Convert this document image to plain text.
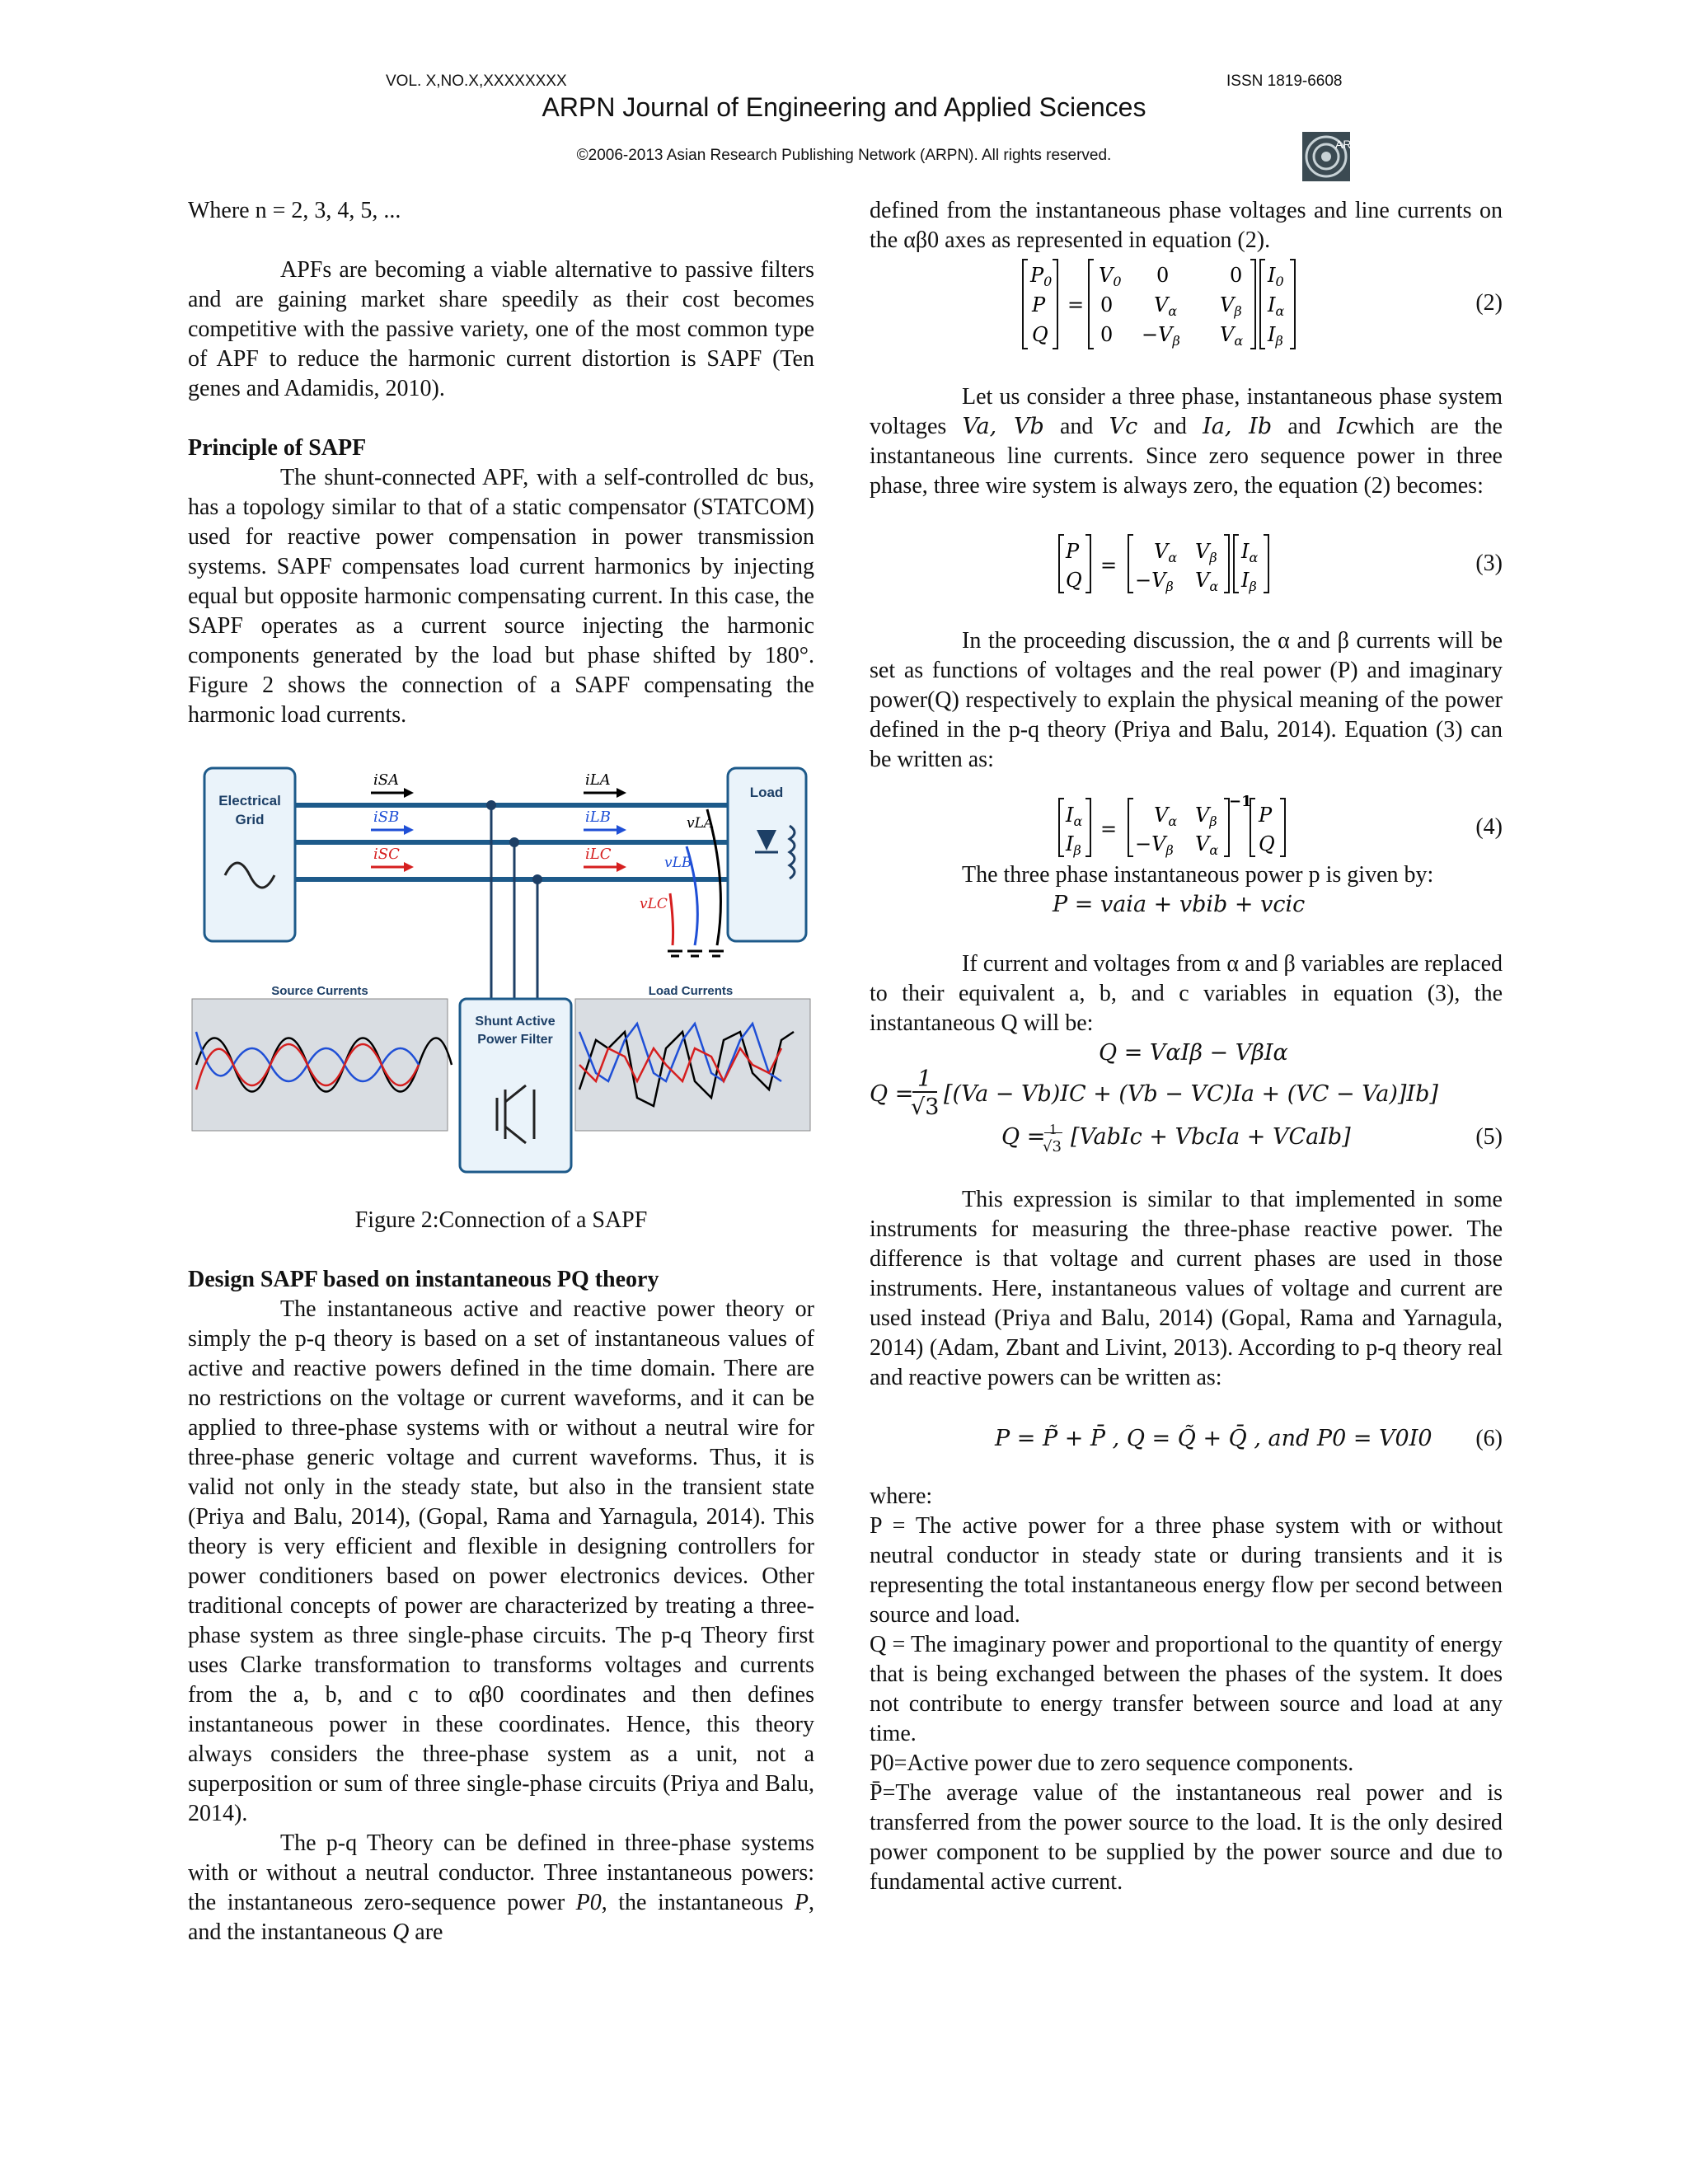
VOL. X,NO.X,XXXXXXXX	ISSN 1819-6608
ARPN Journal of Engineering and Applied Sciences
©2006-2013 Asian Research Publishing Network (ARPN). All rights reserved.
ARPN

Where n = 2, 3, 4, 5, ...

APFs are becoming a viable alternative to passive filters and are gaining market share speedily as their cost becomes competitive with the passive variety, one of the most common type of APF to reduce the harmonic current distortion is SAPF (Ten genes and Adamidis, 2010).

Principle of SAPF

The shunt-connected APF, with a self-controlled dc bus, has a topology similar to that of a static compensator (STATCOM) used for reactive power compensation in power transmission systems. SAPF compensates load current harmonics by injecting equal but opposite harmonic compensating current. In this case, the SAPF operates as a current source injecting the harmonic components generated by the load but phase shifted by 180°. Figure 2 shows the connection of a SAPF compensating the harmonic load currents.

Electrical
Grid
Load
iSA
iSB
iSC
iLA
iLB
iLC
vLA
vLB
vLC
Shunt Active
Power Filter
Source Currents	Load Currents

Figure 2:Connection of a SAPF

Design SAPF based on instantaneous PQ theory

The instantaneous active and reactive power theory or simply the p-q theory is based on a set of instantaneous values of active and reactive powers defined in the time domain. There are no restrictions on the voltage or current waveforms, and it can be applied to three-phase systems with or without a neutral wire for three-phase generic voltage and current waveforms. Thus, it is valid not only in the steady state, but also in the transient state (Priya and Balu, 2014), (Gopal, Rama and Yarnagula, 2014). This theory is very efficient and flexible in designing controllers for power conditioners based on power electronics devices. Other traditional concepts of power are characterized by treating a three-phase system as three single-phase circuits. The p-q Theory first uses Clarke transformation to transforms voltages and currents from the a, b, and c to αβ0 coordinates and then defines instantaneous power in these coordinates. Hence, this theory always considers the three-phase system as a unit, not a superposition or sum of three single-phase circuits (Priya and Balu, 2014).

The p-q Theory can be defined in three-phase systems with or without a neutral conductor. Three instantaneous powers: the instantaneous zero-sequence power P0, the instantaneous P, and the instantaneous Q are

defined from the instantaneous phase voltages and line currents on the αβ0 axes as represented in equation (2).

$P_0$
P
Q
=
$V_0$ 0	0
0 $V_\alpha$ $V_\beta$
$0 -V_\beta$ $V_\alpha$
$I_0$
$I_\alpha$
$I_\beta$
(2)

Let us consider a three phase, instantaneous phase system voltages Va, Vb and Vc and Ia, Ib and Icwhich are the instantaneous line currents. Since zero sequence power in three phase, three wire system is always zero, the equation (2) becomes:

P
Q
=
$V_\alpha$ $V_\beta$
$-V_\beta$ $V_\alpha$
$I_\alpha$
$I_\beta$
(3)

In the proceeding discussion, the α and β currents will be set as functions of voltages and the real power (P) and imaginary power(Q) respectively to explain the physical meaning of the power defined in the p-q theory (Priya and Balu, 2014). Equation (3) can be written as:

$I_\alpha$
$I_\beta$
=
$V_\alpha$ $V_\beta$
$-V_\beta$ $V_\alpha$
−1
P
Q
(4)

The three phase instantaneous power p is given by:

P = vaia + vbib + vcic

If current and voltages from α and β variables are replaced to their equivalent a, b, and c variables in equation (3), the instantaneous Q will be:

Q = VαIβ − VβIα
Q =
1
√3
[(Va − Vb)IC + (Vb − VC)Ia + (VC − Va)]Ib]
Q = 1
√3 [VabIc + VbcIa + VCaIb]	(5)

This expression is similar to that implemented in some instruments for measuring the three-phase reactive power. The difference is that voltage and current phases are used in those instruments. Here, instantaneous values of voltage and current are used instead (Priya and Balu, 2014) (Gopal, Rama and Yarnagula, 2014) (Adam, Zbant and Livint, 2013). According to p-q theory real and reactive powers can be written as:

P = P̃ + P̄ , Q = Q̃ + Q̄ , and P0 = V0I0 (6)

where:

P = The active power for a three phase system with or without neutral conductor in steady state or during transients and it is representing the total instantaneous energy flow per second between source and load.

Q = The imaginary power and proportional to the quantity of energy that is being exchanged between the phases of the system. It does not contribute to energy transfer between source and load at any time.

P0=Active power due to zero sequence components.

P̄=The average value of the instantaneous real power and is transferred from the power source to the load. It is the only desired power component to be supplied by the power source and due to fundamental active current.
